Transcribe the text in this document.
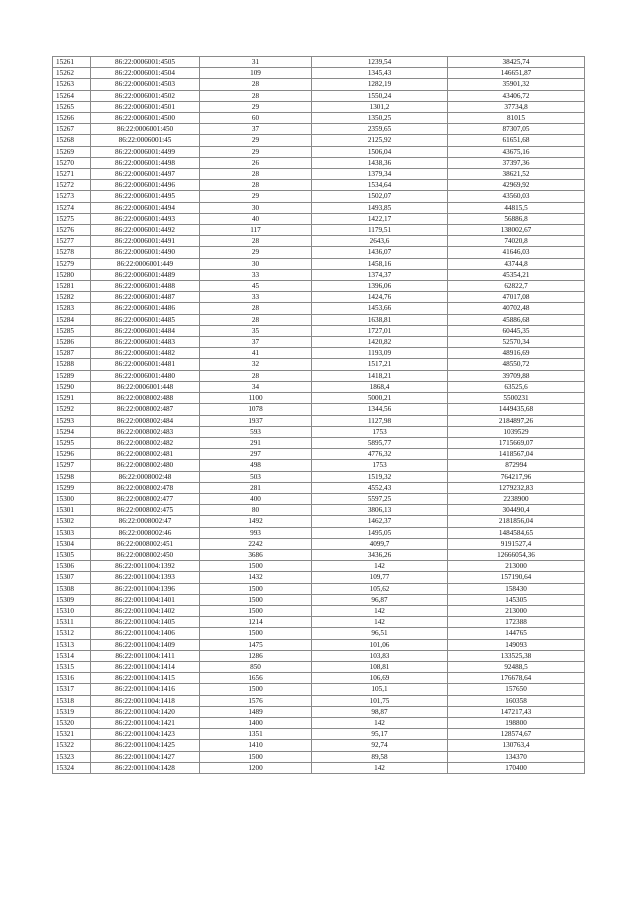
15261	86:22:0006001:4505	31	1239,54	38425,74
15262	86:22:0006001:4504	109	1345,43	146651,87
15263	86:22:0006001:4503	28	1282,19	35901,32
15264	86:22:0006001:4502	28	1550,24	43406,72
15265	86:22:0006001:4501	29	1301,2	37734,8
15266	86:22:0006001:4500	60	1350,25	81015
15267	86:22:0006001:450	37	2359,65	87307,05
15268	86:22:0006001:45	29	2125,92	61651,68
15269	86:22:0006001:4499	29	1506,04	43675,16
15270	86:22:0006001:4498	26	1438,36	37397,36
15271	86:22:0006001:4497	28	1379,34	38621,52
15272	86:22:0006001:4496	28	1534,64	42969,92
15273	86:22:0006001:4495	29	1502,07	43560,03
15274	86:22:0006001:4494	30	1493,85	44815,5
15275	86:22:0006001:4493	40	1422,17	56886,8
15276	86:22:0006001:4492	117	1179,51	138002,67
15277	86:22:0006001:4491	28	2643,6	74020,8
15278	86:22:0006001:4490	29	1436,07	41646,03
15279	86:22:0006001:449	30	1458,16	43744,8
15280	86:22:0006001:4489	33	1374,37	45354,21
15281	86:22:0006001:4488	45	1396,06	62822,7
15282	86:22:0006001:4487	33	1424,76	47017,08
15283	86:22:0006001:4486	28	1453,66	40702,48
15284	86:22:0006001:4485	28	1638,81	45886,68
15285	86:22:0006001:4484	35	1727,01	60445,35
15286	86:22:0006001:4483	37	1420,82	52570,34
15287	86:22:0006001:4482	41	1193,09	48916,69
15288	86:22:0006001:4481	32	1517,21	48550,72
15289	86:22:0006001:4480	28	1418,21	39709,88
15290	86:22:0006001:448	34	1868,4	63525,6
15291	86:22:0008002:488	1100	5000,21	5500231
15292	86:22:0008002:487	1078	1344,56	1449435,68
15293	86:22:0008002:484	1937	1127,98	2184897,26
15294	86:22:0008002:483	593	1753	1039529
15295	86:22:0008002:482	291	5895,77	1715669,07
15296	86:22:0008002:481	297	4776,32	1418567,04
15297	86:22:0008002:480	498	1753	872994
15298	86:22:0008002:48	503	1519,32	764217,96
15299	86:22:0008002:478	281	4552,43	1279232,83
15300	86:22:0008002:477	400	5597,25	2238900
15301	86:22:0008002:475	80	3806,13	304490,4
15302	86:22:0008002:47	1492	1462,37	2181856,04
15303	86:22:0008002:46	993	1495,05	1484584,65
15304	86:22:0008002:451	2242	4099,7	9191527,4
15305	86:22:0008002:450	3686	3436,26	12666054,36
15306	86:22:0011004:1392	1500	142	213000
15307	86:22:0011004:1393	1432	109,77	157190,64
15308	86:22:0011004:1396	1500	105,62	158430
15309	86:22:0011004:1401	1500	96,87	145305
15310	86:22:0011004:1402	1500	142	213000
15311	86:22:0011004:1405	1214	142	172388
15312	86:22:0011004:1406	1500	96,51	144765
15313	86:22:0011004:1409	1475	101,06	149093
15314	86:22:0011004:1411	1286	103,83	133525,38
15315	86:22:0011004:1414	850	108,81	92488,5
15316	86:22:0011004:1415	1656	106,69	176678,64
15317	86:22:0011004:1416	1500	105,1	157650
15318	86:22:0011004:1418	1576	101,75	160358
15319	86:22:0011004:1420	1489	98,87	147217,43
15320	86:22:0011004:1421	1400	142	198800
15321	86:22:0011004:1423	1351	95,17	128574,67
15322	86:22:0011004:1425	1410	92,74	130763,4
15323	86:22:0011004:1427	1500	89,58	134370
15324	86:22:0011004:1428	1200	142	170400
